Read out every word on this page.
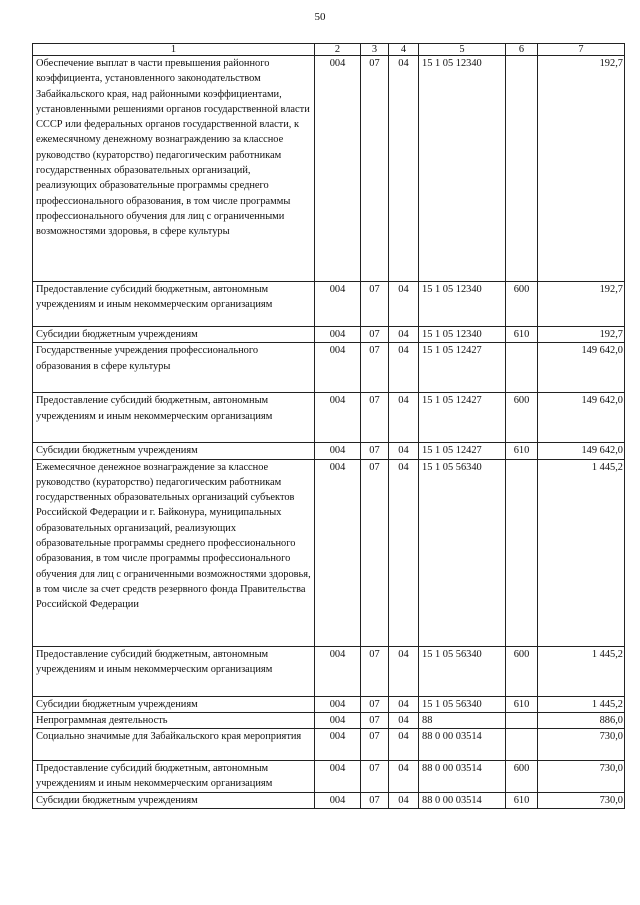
50
1	2	3	4	5	6	7
Обеспечение выплат в части превышения районного коэффициента, установленного законодательством Забайкальского края, над районными коэффициентами, установленными решениями органов государственной власти СССР или федеральных органов государственной власти, к ежемесячному денежному вознаграждению за классное руководство (кураторство) педагогическим работникам государственных образовательных организаций, реализующих образовательные программы среднего профессионального образования, в том числе программы профессионального обучения для лиц с ограниченными возможностями здоровья, в сфере культуры	004	07	04	15 1 05 12340		192,7
Предоставление субсидий бюджетным, автономным учреждениям и иным некоммерческим организациям	004	07	04	15 1 05 12340	600	192,7
Субсидии бюджетным учреждениям	004	07	04	15 1 05 12340	610	192,7
Государственные учреждения профессионального образования в сфере культуры	004	07	04	15 1 05 12427		149 642,0
Предоставление субсидий бюджетным, автономным учреждениям и иным некоммерческим организациям	004	07	04	15 1 05 12427	600	149 642,0
Субсидии бюджетным учреждениям	004	07	04	15 1 05 12427	610	149 642,0
Ежемесячное денежное вознаграждение за классное руководство (кураторство) педагогическим работникам государственных образовательных организаций субъектов Российской Федерации и г. Байконура, муниципальных образовательных организаций, реализующих образовательные программы среднего профессионального образования, в том числе программы профессионального обучения для лиц с ограниченными возможностями здоровья, в том числе за счет средств резервного фонда Правительства Российской Федерации	004	07	04	15 1 05 56340		1 445,2
Предоставление субсидий бюджетным, автономным учреждениям и иным некоммерческим организациям	004	07	04	15 1 05 56340	600	1 445,2
Субсидии бюджетным учреждениям	004	07	04	15 1 05 56340	610	1 445,2
Непрограммная деятельность	004	07	04	88		886,0
Социально значимые для Забайкальского края мероприятия	004	07	04	88 0 00 03514		730,0
Предоставление субсидий бюджетным, автономным учреждениям и иным некоммерческим организациям	004	07	04	88 0 00 03514	600	730,0
Субсидии бюджетным учреждениям	004	07	04	88 0 00 03514	610	730,0
